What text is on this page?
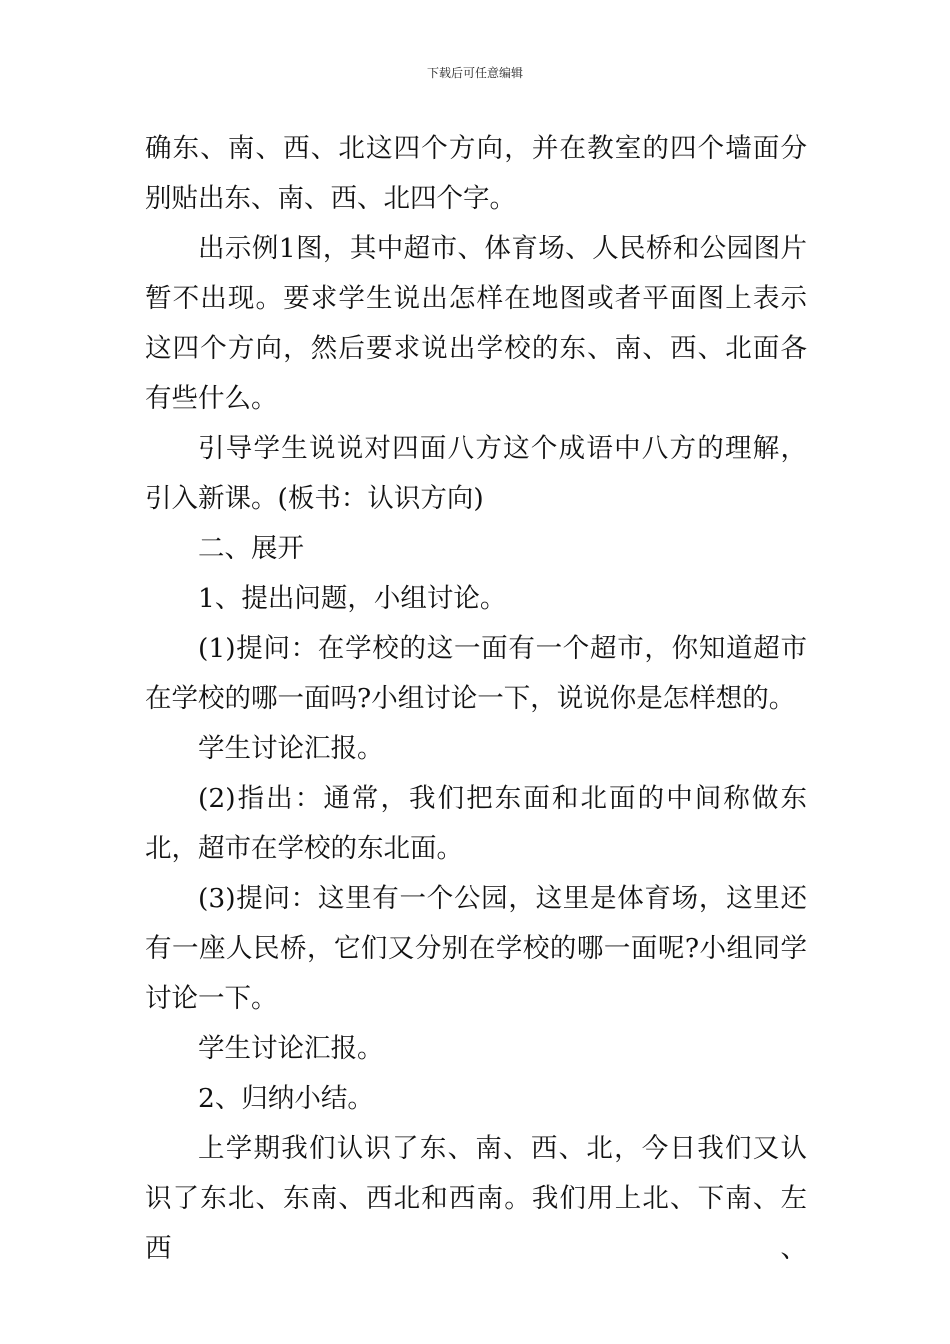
下载后可任意编辑

确东、南、西、北这四个方向，并在教室的四个墙面分别贴出东、南、西、北四个字。

出示例1图，其中超市、体育场、人民桥和公园图片暂不出现。要求学生说出怎样在地图或者平面图上表示这四个方向，然后要求说出学校的东、南、西、北面各有些什么。

引导学生说说对四面八方这个成语中八方的理解，引入新课。(板书：认识方向)

二、展开

1、提出问题，小组讨论。

(1)提问：在学校的这一面有一个超市，你知道超市在学校的哪一面吗?小组讨论一下，说说你是怎样想的。

学生讨论汇报。

(2)指出：通常，我们把东面和北面的中间称做东北，超市在学校的东北面。

(3)提问：这里有一个公园，这里是体育场，这里还有一座人民桥，它们又分别在学校的哪一面呢?小组同学讨论一下。

学生讨论汇报。

2、归纳小结。

上学期我们认识了东、南、西、北，今日我们又认识了东北、东南、西北和西南。我们用上北、下南、左西、
